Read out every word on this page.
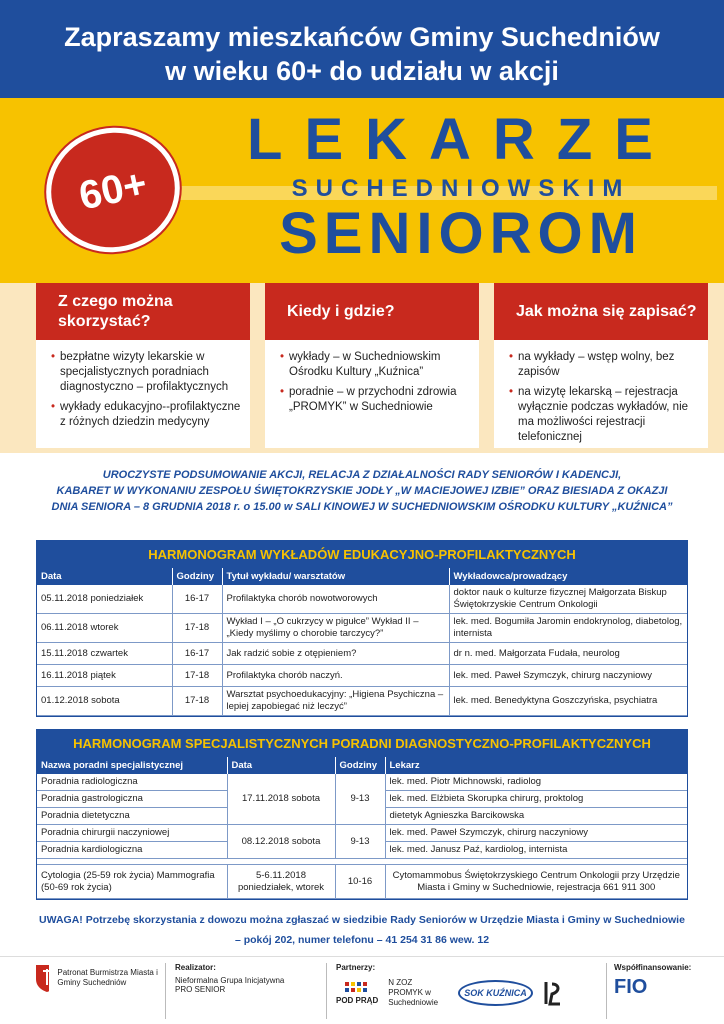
Zapraszamy mieszkańców Gminy Suchedniów
w wieku 60+ do udziału w akcji
60+
LEKARZE
SUCHEDNIOWSKIM
SENIOROM
Z czego można skorzystać?
• bezpłatne wizyty lekarskie w specjalistycznych poradniach diagnostyczno – profilaktycznych
• wykłady edukacyjno-‑profilaktyczne z różnych dziedzin medycyny
Kiedy i gdzie?
• wykłady – w Suchedniowskim Ośrodku Kultury „Kuźnica”
• poradnie – w przychodni zdrowia „PROMYK” w Suchedniowie
Jak można się zapisać?
• na wykłady – wstęp wolny, bez zapisów
• na wizytę lekarską – rejestracja wyłącznie podczas wykładów, nie ma możliwości rejestracji telefonicznej
UROCZYSTE PODSUMOWANIE AKCJI, RELACJA Z DZIAŁALNOŚCI RADY SENIORÓW I KADENCJI,
KABARET W WYKONANIU ZESPOŁU ŚWIĘTOKRZYSKIE JODŁY „W MACIEJOWEJ IZBIE” ORAZ BIESIADA Z OKAZJI
DNIA SENIORA – 8 GRUDNIA 2018 r. o 15.00 w SALI KINOWEJ W SUCHEDNIOWSKIM OŚRODKU KULTURY „KUŹNICA”
HARMONOGRAM WYKŁADÓW EDUKACYJNO-PROFILAKTYCZNYCH
Data	Godziny	Tytuł wykładu/ warsztatów	Wykładowca/prowadzący
05.11.2018 poniedziałek	16-17	Profilaktyka chorób nowotworowych	doktor nauk o kulturze fizycznej Małgorzata Biskup Świętokrzyskie Centrum Onkologii
06.11.2018 wtorek	17-18	Wykład I – „O cukrzycy w pigułce” Wykład II – „Kiedy myślimy o chorobie tarczycy?”	lek. med. Bogumiła Jaromin endokrynolog, diabetolog, internista
15.11.2018 czwartek	16-17	Jak radzić sobie z otępieniem?	dr n. med. Małgorzata Fudała, neurolog
16.11.2018 piątek	17-18	Profilaktyka chorób naczyń.	lek. med. Paweł Szymczyk, chirurg naczyniowy
01.12.2018 sobota	17-18	Warsztat psychoedukacyjny: „Higiena Psychiczna – lepiej zapobiegać niż leczyć”	lek. med. Benedyktyna Goszczyńska, psychiatra
HARMONOGRAM SPECJALISTYCZNYCH PORADNI DIAGNOSTYCZNO-PROFILAKTYCZNYCH
Nazwa poradni specjalistycznej	Data	Godziny	Lekarz
Poradnia radiologiczna	17.11.2018 sobota	9-13	lek. med. Piotr Michnowski, radiolog
Poradnia gastrologiczna			lek. med. Elżbieta Skorupka chirurg, proktolog
Poradnia dietetyczna			dietetyk Agnieszka Barcikowska
Poradnia chirurgii naczyniowej	08.12.2018 sobota	9-13	lek. med. Paweł Szymczyk, chirurg naczyniowy
Poradnia kardiologiczna			lek. med. Janusz Paź, kardiolog, internista

Cytologia (25-59 rok życia) Mammografia (50-69 rok życia)	5-6.11.2018 poniedziałek, wtorek	10-16	Cytomammobus Świętokrzyskiego Centrum Onkologii przy Urzędzie Miasta i Gminy w Suchedniowie, rejestracja 661 911 300
UWAGA! Potrzebę skorzystania z dowozu można zgłaszać w siedzibie Rady Seniorów w Urzędzie Miasta i Gminy w Suchedniowie
– pokój 202, numer telefonu – 41 254 31 86 wew. 12
Patronat Burmistrza Miasta i Gminy Suchedniów
Realizator:
Nieformalna Grupa Inicjatywna PRO SENIOR
Partnerzy:
POD PRĄD
N ZOZ PROMYK w Suchedniowie
SOK KUŹNICA
Współfinansowanie:
FIO
